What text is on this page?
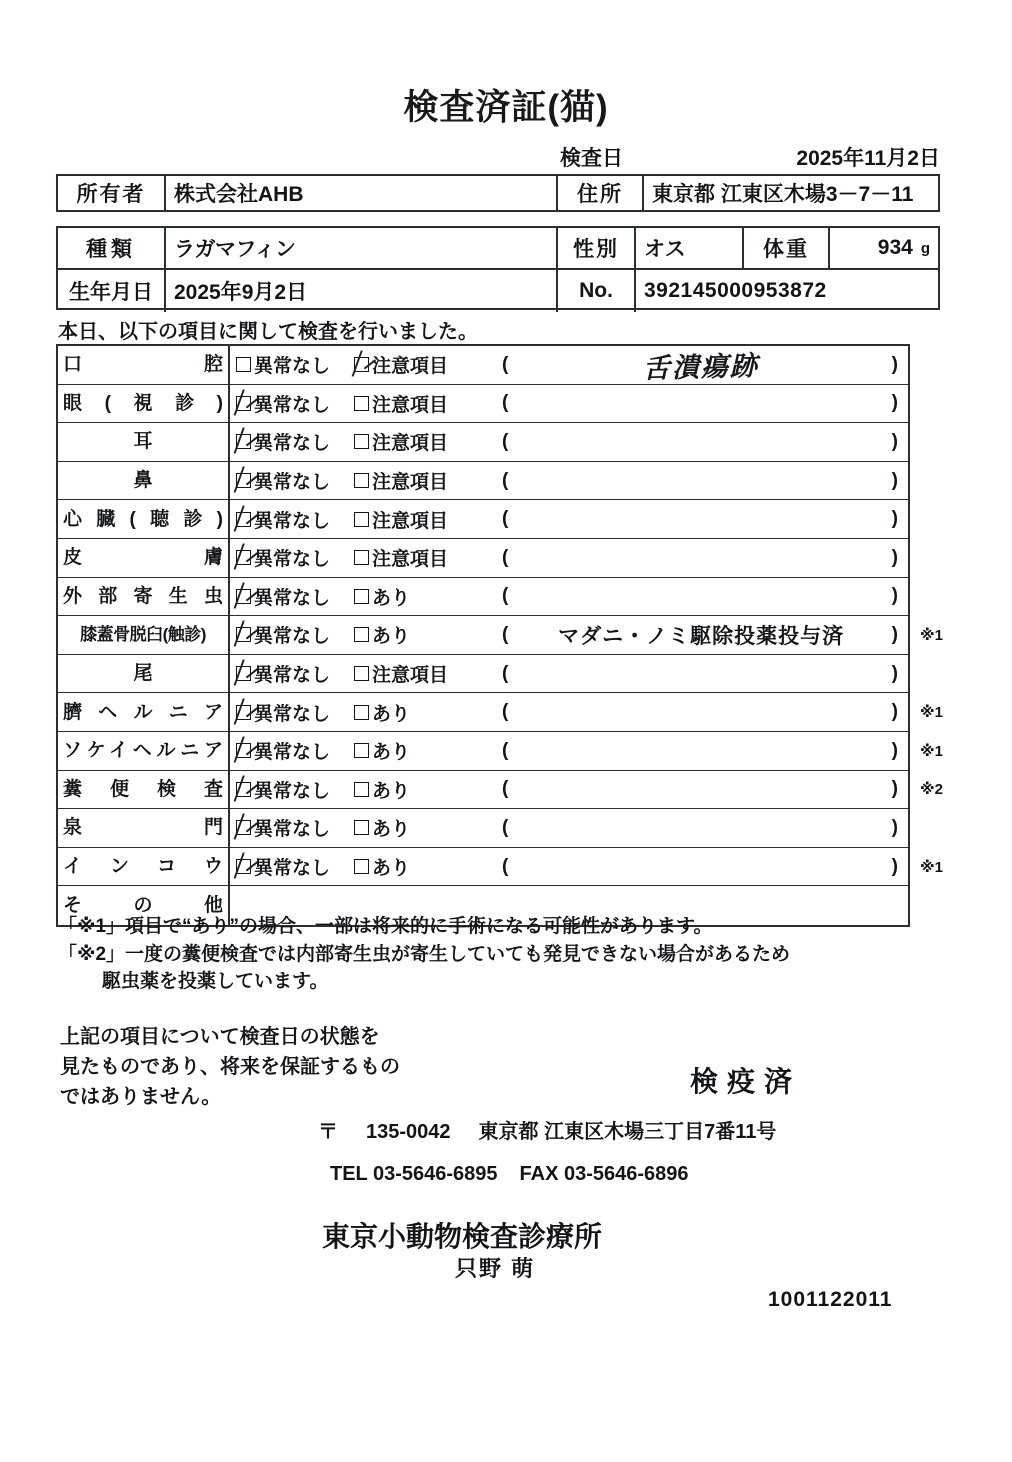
検査済証(猫)
検査日	2025年11月2日
所有者	株式会社AHB	住所	東京都 江東区木場3－7－11
種類	ラガマフィン	性別	オス	体重	934 g
生年月日	2025年9月2日	No.	392145000953872
本日、以下の項目に関して検査を行いました。
口腔 異常なし 注意項目	(	舌潰瘍跡	)
眼(視診) 異常なし 注意項目	(	)
耳	異常なし 注意項目	(	)
鼻	異常なし 注意項目	(	)
心臓(聴診) 異常なし 注意項目	(	)
皮膚 異常なし 注意項目	(	)
外部寄生虫 異常なし あり	(	)
膝蓋骨脱臼(触診)	異常なし あり	(	マダニ・ノミ駆除投薬投与済	) ※1
尾	異常なし 注意項目	(	)
臍ヘルニア 異常なし あり	(	) ※1
ソケイヘルニア 異常なし あり	(	) ※1
糞便検査 異常なし あり	(	) ※2
泉門 異常なし あり	(	)
インコウ 異常なし あり	(	) ※1
その他
「※1」項目で“あり”の場合、一部は将来的に手術になる可能性があります。
「※2」一度の糞便検査では内部寄生虫が寄生していても発見できない場合があるため
駆虫薬を投薬しています。
上記の項目について検査日の状態を
見たものであり、将来を保証するもの
ではありません。	検疫済
〒 135-0042 東京都 江東区木場三丁目7番11号
TEL 03-5646-6895 FAX 03-5646-6896
東京小動物検査診療所
只野 萌
1001122011
